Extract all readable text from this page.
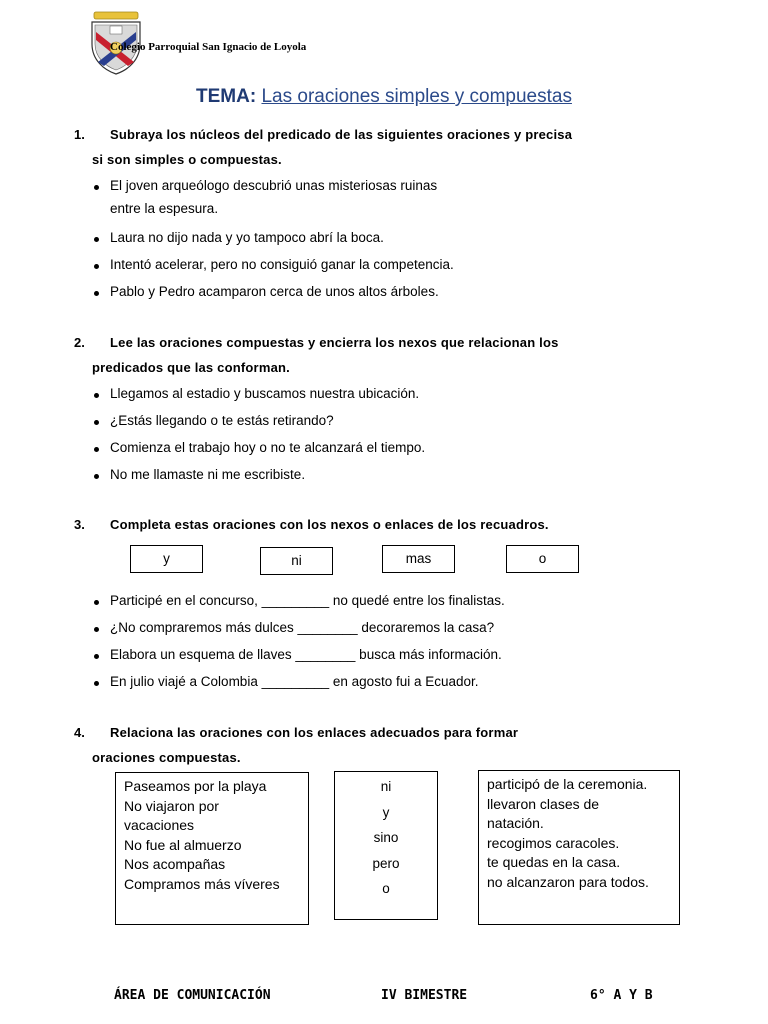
Colegio Parroquial San Ignacio de Loyola
TEMA: Las oraciones simples y compuestas
1. Subraya los núcleos del predicado de las siguientes oraciones y precisa
si son simples o compuestas.
El joven arqueólogo descubrió unas misteriosas ruinas
entre la espesura.
Laura no dijo nada y yo tampoco abrí la boca.
Intentó acelerar, pero no consiguió ganar la competencia.
Pablo y Pedro acamparon cerca de unos altos árboles.
2. Lee las oraciones compuestas y encierra los nexos que relacionan los
predicados que las conforman.
Llegamos al estadio y buscamos nuestra ubicación.
¿Estás llegando o te estás retirando?
Comienza el trabajo hoy o no te alcanzará el tiempo.
No me llamaste ni me escribiste.
3. Completa estas oraciones con los nexos o enlaces de los recuadros.
y	ni	mas	o
Participé en el concurso, _________ no quedé entre los finalistas.
¿No compraremos más dulces ________ decoraremos la casa?
Elabora un esquema de llaves ________ busca más información.
En julio viajé a Colombia _________ en agosto fui a Ecuador.
4. Relaciona las oraciones con los enlaces adecuados para formar
oraciones compuestas.
Paseamos por la playa
No viajaron por
vacaciones
No fue al almuerzo
Nos acompañas
Compramos más víveres
ni
y
sino
pero
o
participó de la ceremonia.
llevaron clases de
natación.
recogimos caracoles.
te quedas en la casa.
no alcanzaron para todos.
ÁREA DE COMUNICACIÓN	IV BIMESTRE	6° A Y B
